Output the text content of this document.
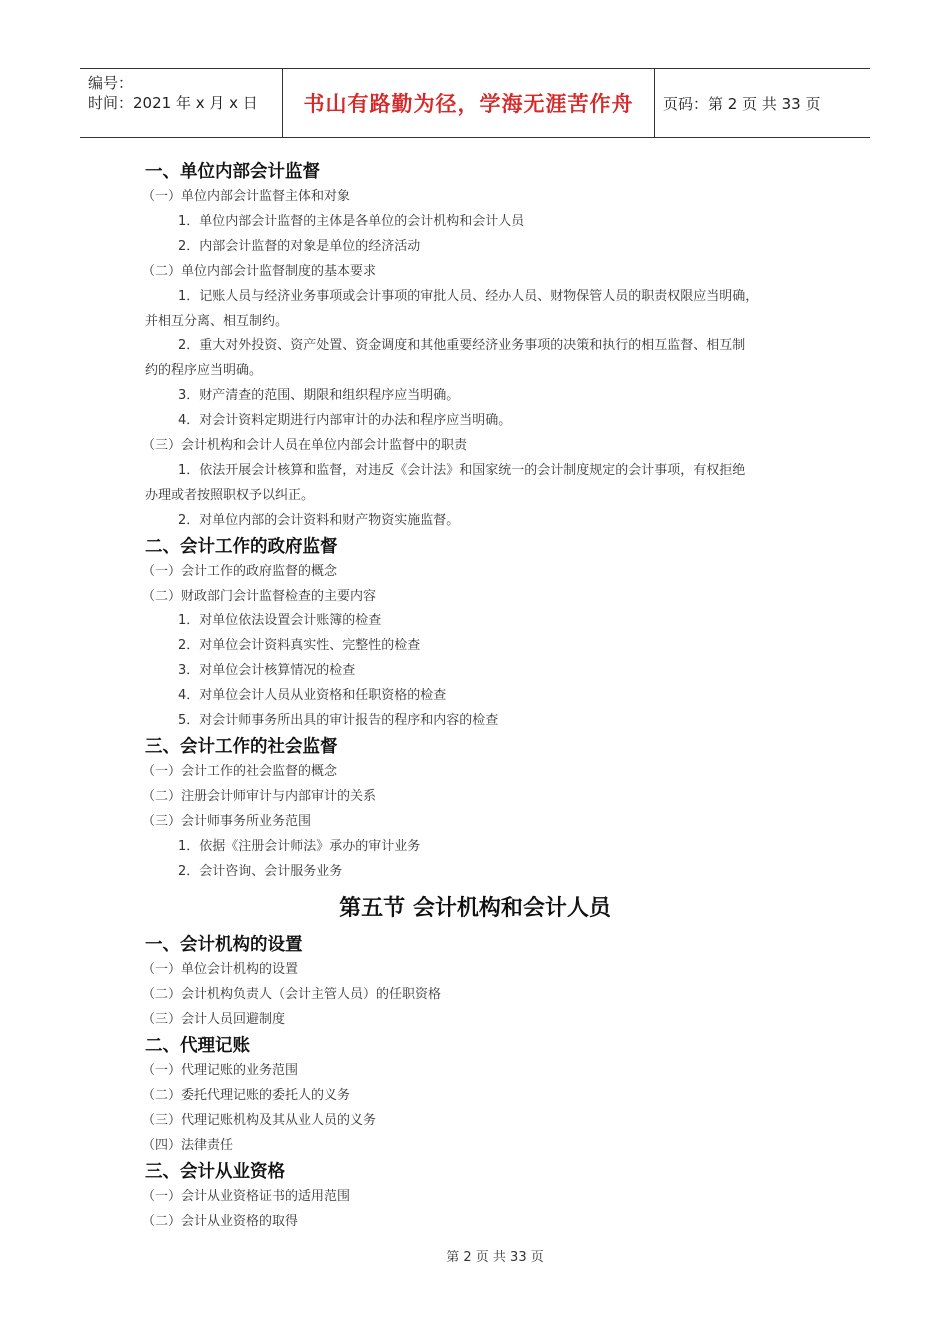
编号：
时间：2021 年 x 月 x 日	书山有路勤为径，学海无涯苦作舟	页码：第 2 页 共 33 页
一、单位内部会计监督
（一）单位内部会计监督主体和对象
1．单位内部会计监督的主体是各单位的会计机构和会计人员
2．内部会计监督的对象是单位的经济活动
（二）单位内部会计监督制度的基本要求
1．记账人员与经济业务事项或会计事项的审批人员、经办人员、财物保管人员的职责权限应当明确，
并相互分离、相互制约。
2．重大对外投资、资产处置、资金调度和其他重要经济业务事项的决策和执行的相互监督、相互制
约的程序应当明确。
3．财产清查的范围、期限和组织程序应当明确。
4．对会计资料定期进行内部审计的办法和程序应当明确。
（三）会计机构和会计人员在单位内部会计监督中的职责
1．依法开展会计核算和监督，对违反《会计法》和国家统一的会计制度规定的会计事项，有权拒绝
办理或者按照职权予以纠正。
2．对单位内部的会计资料和财产物资实施监督。
二、会计工作的政府监督
（一）会计工作的政府监督的概念
（二）财政部门会计监督检查的主要内容
1．对单位依法设置会计账簿的检查
2．对单位会计资料真实性、完整性的检查
3．对单位会计核算情况的检查
4．对单位会计人员从业资格和任职资格的检查
5．对会计师事务所出具的审计报告的程序和内容的检查
三、会计工作的社会监督
（一）会计工作的社会监督的概念
（二）注册会计师审计与内部审计的关系
（三）会计师事务所业务范围
1．依据《注册会计师法》承办的审计业务
2．会计咨询、会计服务业务
第五节 会计机构和会计人员
一、会计机构的设置
（一）单位会计机构的设置
（二）会计机构负责人（会计主管人员）的任职资格
（三）会计人员回避制度
二、代理记账
（一）代理记账的业务范围
（二）委托代理记账的委托人的义务
（三）代理记账机构及其从业人员的义务
（四）法律责任
三、会计从业资格
（一）会计从业资格证书的适用范围
（二）会计从业资格的取得
第 2 页 共 33 页
